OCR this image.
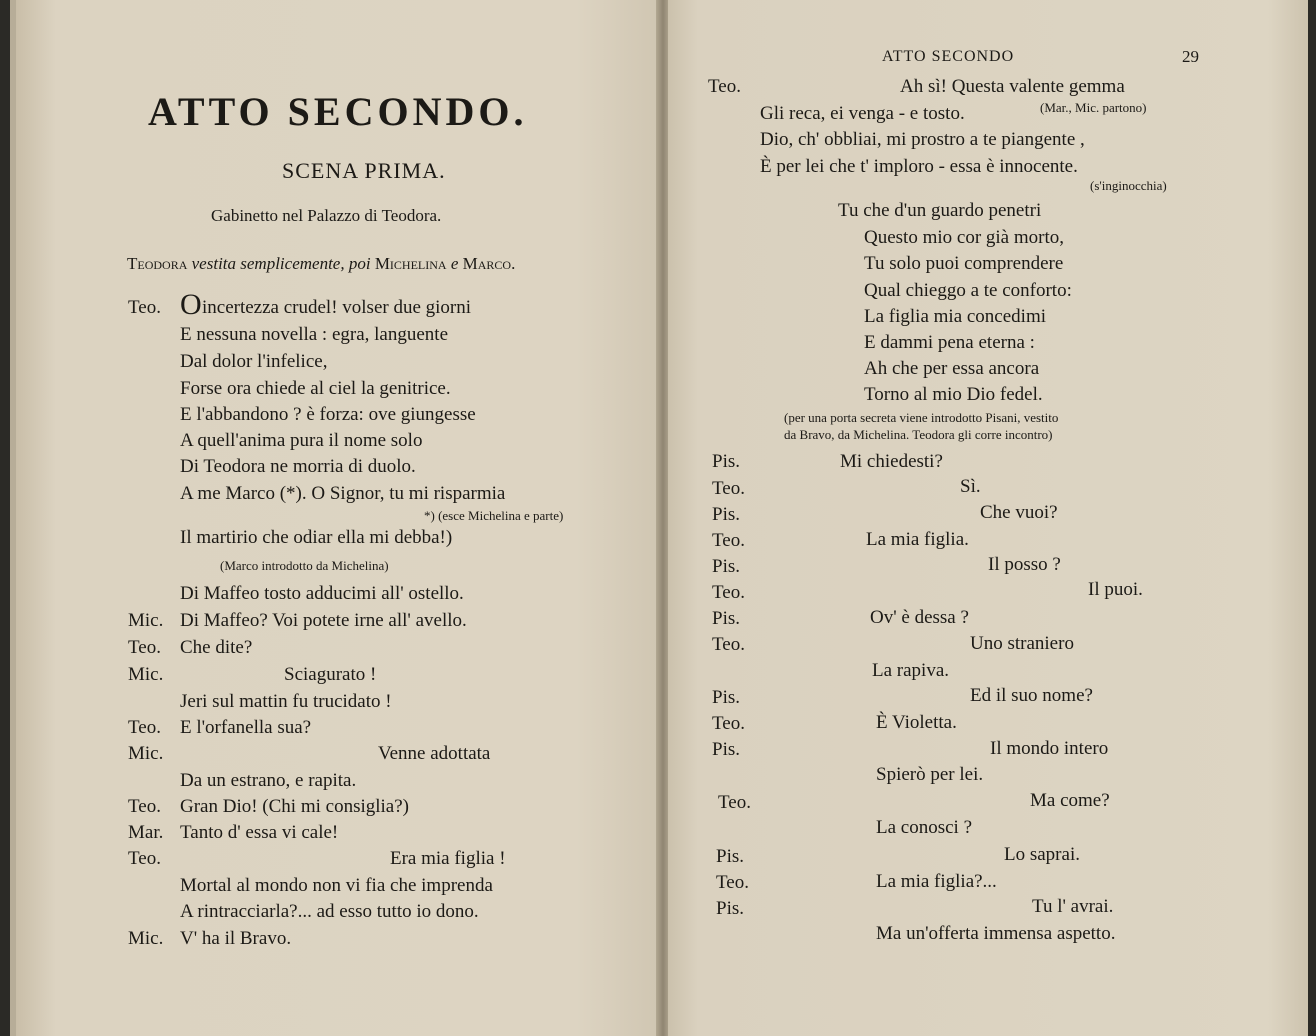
ATTO SECONDO.
SCENA PRIMA.
Gabinetto nel Palazzo di Teodora.
Teodora vestita semplicemente, poi Michelina e Marco.
Teo. O incertezza crudel! volser due giorni
E nessuna novella : egra, languente
Dal dolor l'infelice,
Forse ora chiede al ciel la genitrice.
E l'abbandono ? è forza: ove giungesse
A quell'anima pura il nome solo
Di Teodora ne morria di duolo.
A me Marco (*). O Signor, tu mi risparmia
*) (esce Michelina e parte)
Il martirio che odiar ella mi debba!)
(Marco introdotto da Michelina)
Di Maffeo tosto adducimi all' ostello.
Mic. Di Maffeo? Voi potete irne all' avello.
Teo. Che dite?
Mic.	Sciagurato !
Jeri sul mattin fu trucidato !
Teo. E l'orfanella sua?
Mic.	Venne adottata
Da un estrano, e rapita.
Teo. Gran Dio! (Chi mi consiglia?)
Mar. Tanto d' essa vi cale!
Teo.	Era mia figlia !
Mortal al mondo non vi fia che imprenda
A rintracciarla?... ad esso tutto io dono.
Mic. V' ha il Bravo.
ATTO SECONDO	29
Teo.	Ah sì! Questa valente gemma
Gli reca, ei venga - e tosto.	(Mar., Mic. partono)
Dio, ch' obbliai, mi prostro a te piangente ,
È per lei che t' imploro - essa è innocente.
(s'inginocchia)
Tu che d'un guardo penetri
Questo mio cor già morto,
Tu solo puoi comprendere
Qual chieggo a te conforto:
La figlia mia concedimi
E dammi pena eterna :
Ah che per essa ancora
Torno al mio Dio fedel.
(per una porta secreta viene introdotto Pisani, vestito
da Bravo, da Michelina. Teodora gli corre incontro)
Pis.	Mi chiedesti?
Teo.	Sì.
Pis.	Che vuoi?
Teo.	La mia figlia.
Pis.	Il posso ?
Teo.	Il puoi.
Pis.	Ov' è dessa ?
Teo.	Uno straniero
La rapiva.
Pis.	Ed il suo nome?
Teo.	È Violetta.
Pis.	Il mondo intero
Spierò per lei.
Teo.	Ma come?
La conosci ?
Pis.	Lo saprai.
Teo.	La mia figlia?...
Pis.	Tu l' avrai.
Ma un'offerta immensa aspetto.
